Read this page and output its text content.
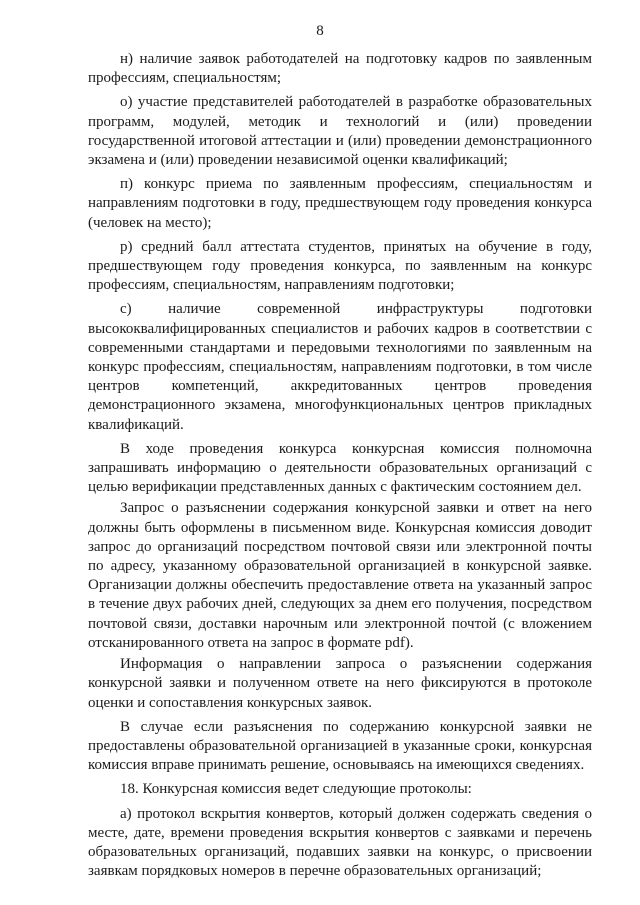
8

н) наличие заявок работодателей на подготовку кадров по заявленным профессиям, специальностям;

о) участие представителей работодателей в разработке образовательных программ, модулей, методик и технологий и (или) проведении государственной итоговой аттестации и (или) проведении демонстрационного экзамена и (или) проведении независимой оценки квалификаций;

п) конкурс приема по заявленным профессиям, специальностям и направлениям подготовки в году, предшествующем году проведения конкурса (человек на место);

р) средний балл аттестата студентов, принятых на обучение в году, предшествующем году проведения конкурса, по заявленным на конкурс профессиям, специальностям, направлениям подготовки;

с) наличие современной инфраструктуры подготовки высококвалифицированных специалистов и рабочих кадров в соответствии с современными стандартами и передовыми технологиями по заявленным на конкурс профессиям, специальностям, направлениям подготовки, в том числе центров компетенций, аккредитованных центров проведения демонстрационного экзамена, многофункциональных центров прикладных квалификаций.

В ходе проведения конкурса конкурсная комиссия полномочна запрашивать информацию о деятельности образовательных организаций с целью верификации представленных данных с фактическим состоянием дел.

Запрос о разъяснении содержания конкурсной заявки и ответ на него должны быть оформлены в письменном виде. Конкурсная комиссия доводит запрос до организаций посредством почтовой связи или электронной почты по адресу, указанному образовательной организацией в конкурсной заявке. Организации должны обеспечить предоставление ответа на указанный запрос в течение двух рабочих дней, следующих за днем его получения, посредством почтовой связи, доставки нарочным или электронной почтой (с вложением отсканированного ответа на запрос в формате pdf).

Информация о направлении запроса о разъяснении содержания конкурсной заявки и полученном ответе на него фиксируются в протоколе оценки и сопоставления конкурсных заявок.

В случае если разъяснения по содержанию конкурсной заявки не предоставлены образовательной организацией в указанные сроки, конкурсная комиссия вправе принимать решение, основываясь на имеющихся сведениях.

18. Конкурсная комиссия ведет следующие протоколы:

а) протокол вскрытия конвертов, который должен содержать сведения о месте, дате, времени проведения вскрытия конвертов с заявками и перечень образовательных организаций, подавших заявки на конкурс, о присвоении заявкам порядковых номеров в перечне образовательных организаций;
